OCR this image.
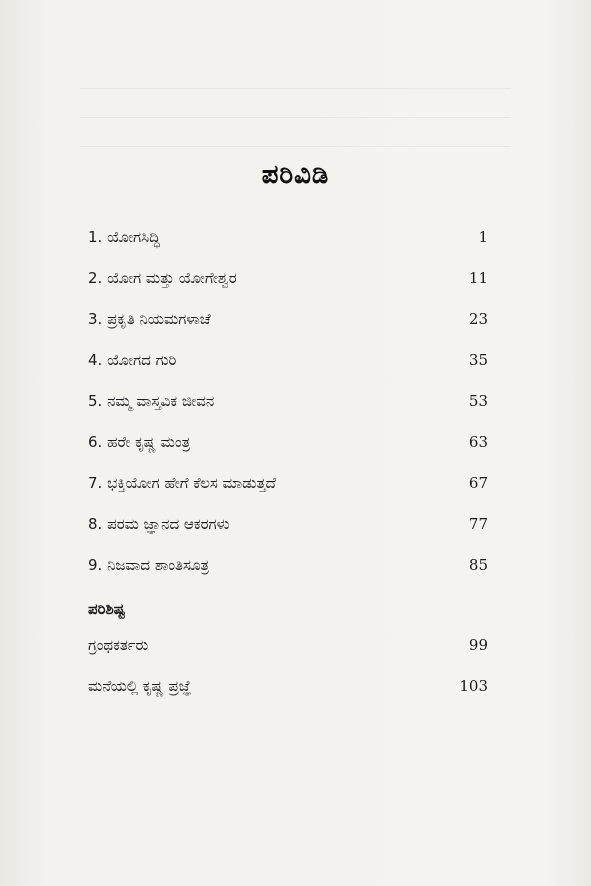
ಪರಿವಿಡಿ
1. ಯೋಗಸಿದ್ಧಿ	1
2. ಯೋಗ ಮತ್ತು ಯೋಗೇಶ್ವರ	11
3. ಪ್ರಕೃತಿ ನಿಯಮಗಳಾಚೆ	23
4. ಯೋಗದ ಗುರಿ	35
5. ನಮ್ಮ ವಾಸ್ತವಿಕ ಜೀವನ	53
6. ಹರೇ ಕೃಷ್ಣ ಮಂತ್ರ	63
7. ಭಕ್ತಿಯೋಗ ಹೇಗೆ ಕೆಲಸ ಮಾಡುತ್ತದೆ	67
8. ಪರಮ ಜ್ಞಾನದ ಆಕರಗಳು	77
9. ನಿಜವಾದ ಶಾಂತಿಸೂತ್ರ	85
ಪರಿಶಿಷ್ಟ
ಗ್ರಂಥಕರ್ತರು	99
ಮನೆಯಲ್ಲಿ ಕೃಷ್ಣ ಪ್ರಜ್ಞೆ	103
